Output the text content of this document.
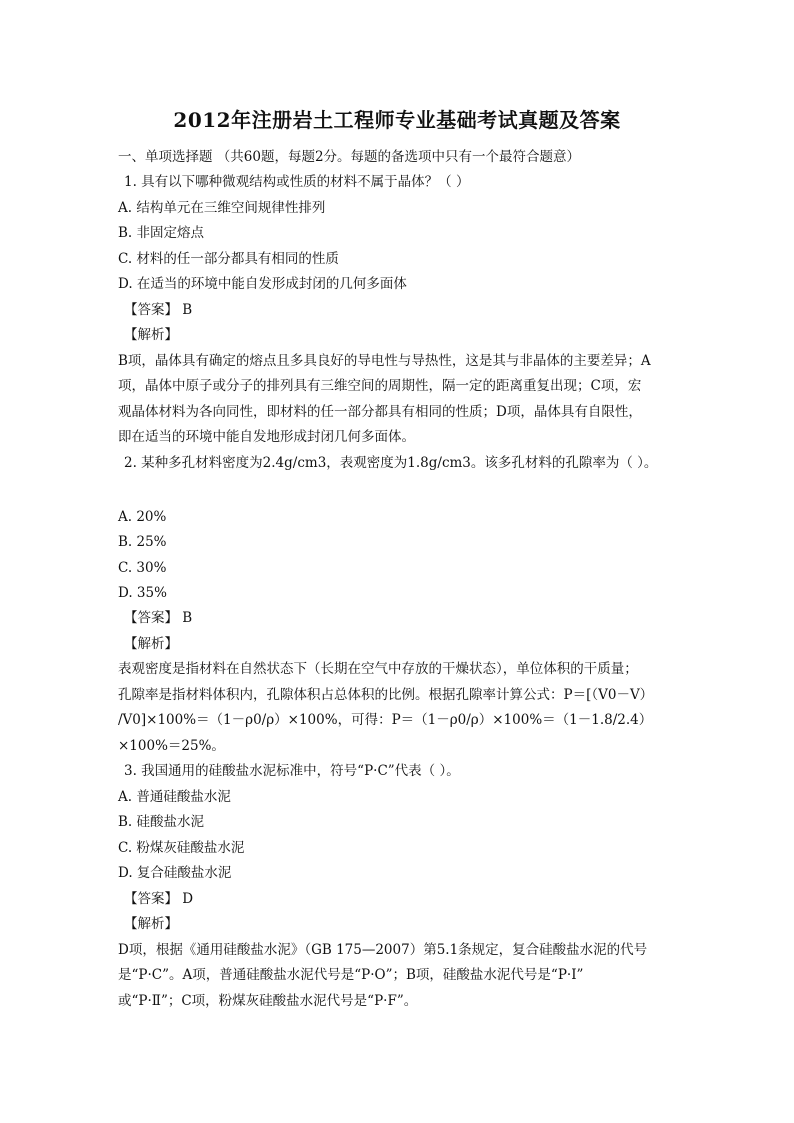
2012年注册岩土工程师专业基础考试真题及答案
一、单项选择题 （共60题，每题2分。每题的备选项中只有一个最符合题意）
1. 具有以下哪种微观结构或性质的材料不属于晶体？（ ）
A. 结构单元在三维空间规律性排列
B. 非固定熔点
C. 材料的任一部分都具有相同的性质
D. 在适当的环境中能自发形成封闭的几何多面体
【答案】 B
【解析】
B项，晶体具有确定的熔点且多具良好的导电性与导热性，这是其与非晶体的主要差异；A
项，晶体中原子或分子的排列具有三维空间的周期性，隔一定的距离重复出现；C项，宏
观晶体材料为各向同性，即材料的任一部分都具有相同的性质；D项，晶体具有自限性，
即在适当的环境中能自发地形成封闭几何多面体。
2. 某种多孔材料密度为2.4g/cm3，表观密度为1.8g/cm3。该多孔材料的孔隙率为（ ）。
A. 20%
B. 25%
C. 30%
D. 35%
【答案】 B
【解析】
表观密度是指材料在自然状态下（长期在空气中存放的干燥状态），单位体积的干质量；
孔隙率是指材料体积内，孔隙体积占总体积的比例。根据孔隙率计算公式：P＝[（V0－V）
/V0]×100%＝（1－ρ0/ρ）×100%，可得：P＝（1－ρ0/ρ）×100%＝（1－1.8/2.4）
×100%＝25%。
3. 我国通用的硅酸盐水泥标准中，符号“P·C”代表（ ）。
A. 普通硅酸盐水泥
B. 硅酸盐水泥
C. 粉煤灰硅酸盐水泥
D. 复合硅酸盐水泥
【答案】 D
【解析】
D项，根据《通用硅酸盐水泥》（GB 175—2007）第5.1条规定，复合硅酸盐水泥的代号
是“P·C”。A项，普通硅酸盐水泥代号是“P·O”；B项，硅酸盐水泥代号是“P·Ⅰ”
或“P·Ⅱ”；C项，粉煤灰硅酸盐水泥代号是“P·F”。
